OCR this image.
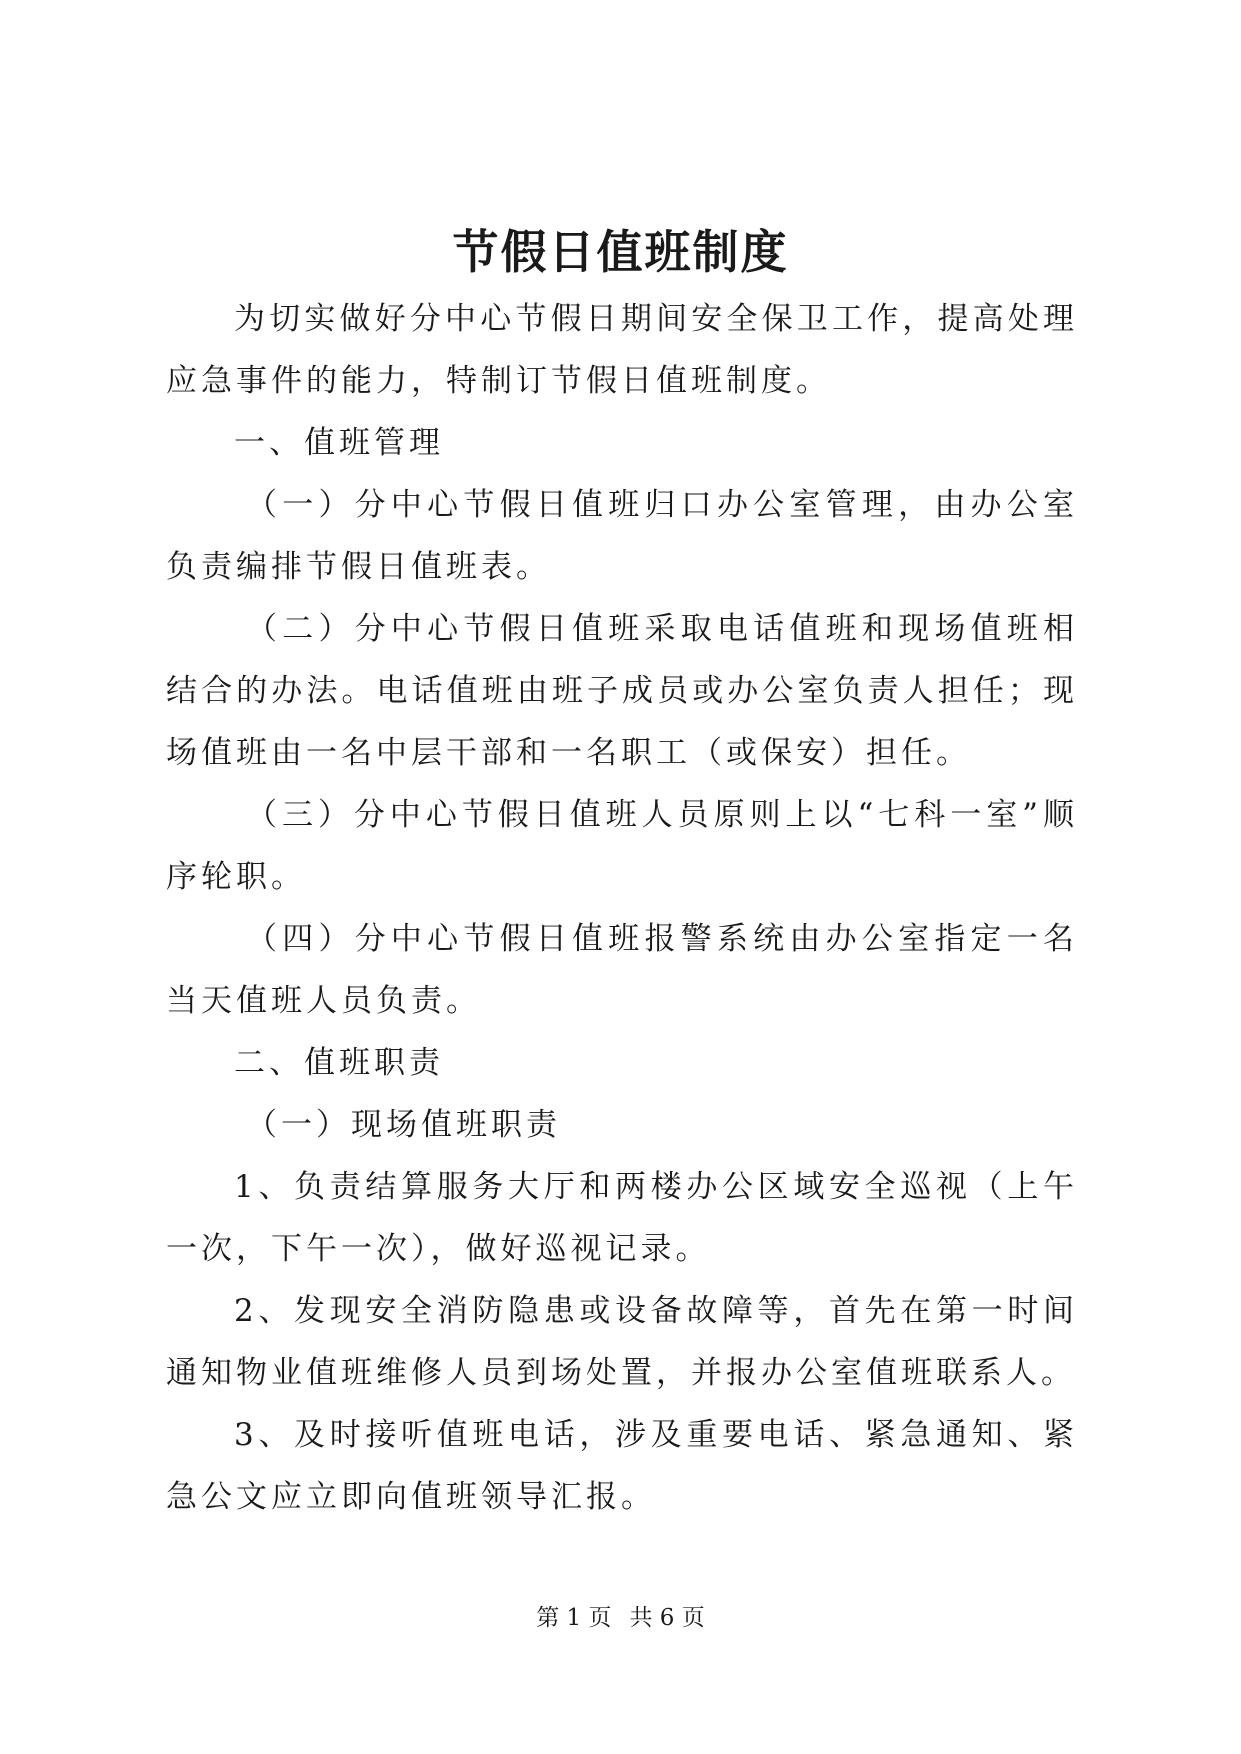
节假日值班制度

为切实做好分中心节假日期间安全保卫工作，提高处理应急事件的能力，特制订节假日值班制度。

一、值班管理

（一）分中心节假日值班归口办公室管理，由办公室负责编排节假日值班表。

（二）分中心节假日值班采取电话值班和现场值班相结合的办法。电话值班由班子成员或办公室负责人担任；现场值班由一名中层干部和一名职工（或保安）担任。

（三）分中心节假日值班人员原则上以“七科一室”顺序轮职。

（四）分中心节假日值班报警系统由办公室指定一名当天值班人员负责。

二、值班职责

（一）现场值班职责

1、负责结算服务大厅和两楼办公区域安全巡视（上午一次，下午一次），做好巡视记录。

2、发现安全消防隐患或设备故障等，首先在第一时间通知物业值班维修人员到场处置，并报办公室值班联系人。

3、及时接听值班电话，涉及重要电话、紧急通知、紧急公文应立即向值班领导汇报。

第 1 页 共 6 页
